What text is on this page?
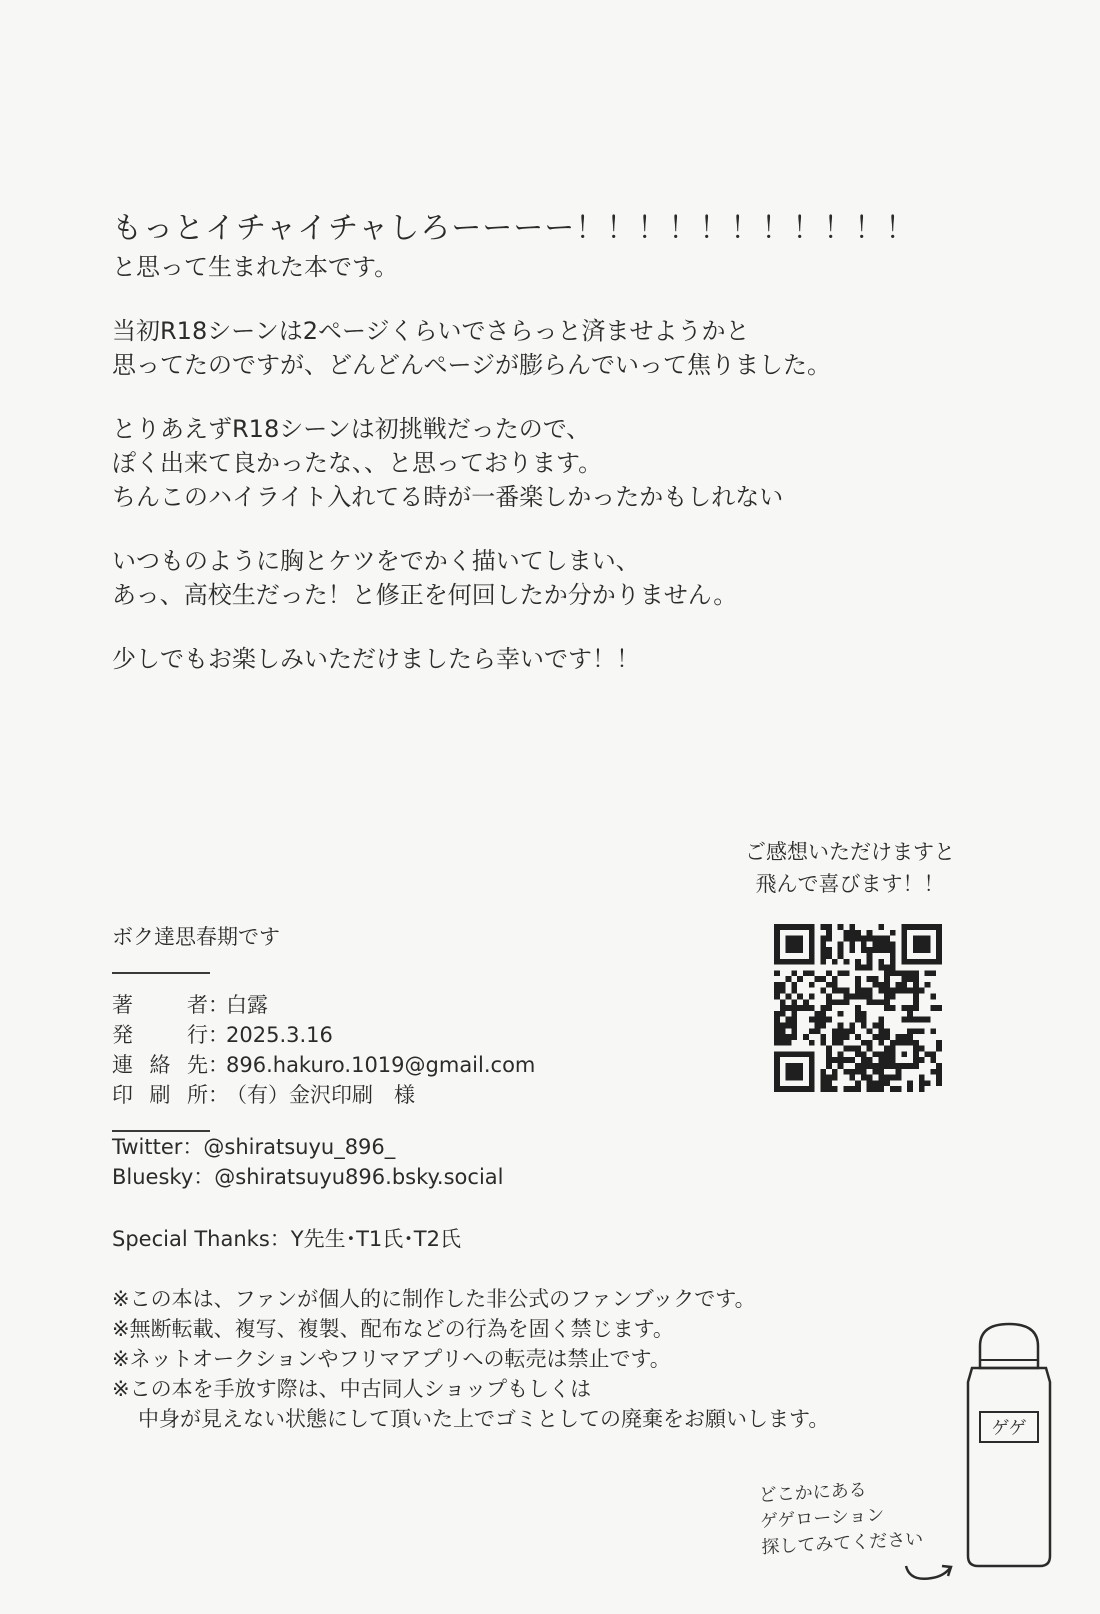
もっとイチャイチャしろーーーー！！！！！！！！！！！
と思って生まれた本です。
当初R18シーンは2ページくらいでさらっと済ませようかと
思ってたのですが、どんどんページが膨らんでいって焦りました。
とりあえずR18シーンは初挑戦だったので、
ぽく出来て良かったな、、と思っております。
ちんこのハイライト入れてる時が一番楽しかったかもしれない
いつものように胸とケツをでかく描いてしまい、
あっ、高校生だった！と修正を何回したか分かりません。
少しでもお楽しみいただけましたら幸いです！！
ご感想いただけますと
飛んで喜びます！！
ボク達思春期です
著　者 ：
白露
発　行 ：
2025.3.16
連絡先 ：
896.hakuro.1019@gmail.com
印刷所 ：
（有）金沢印刷　様
Twitter：@shiratsuyu_896_
Bluesky：@shiratsuyu896.bsky.social
Special Thanks：Y先生･T1氏･T2氏
※この本は、ファンが個人的に制作した非公式のファンブックです。
※無断転載、複写、複製、配布などの行為を固く禁じます。
※ネットオークションやフリマアプリへの転売は禁止です。
※この本を手放す際は、中古同人ショップもしくは
中身が見えない状態にして頂いた上でゴミとしての廃棄をお願いします。	ゲゲ
どこかにある
ゲゲローション
探してみてください
